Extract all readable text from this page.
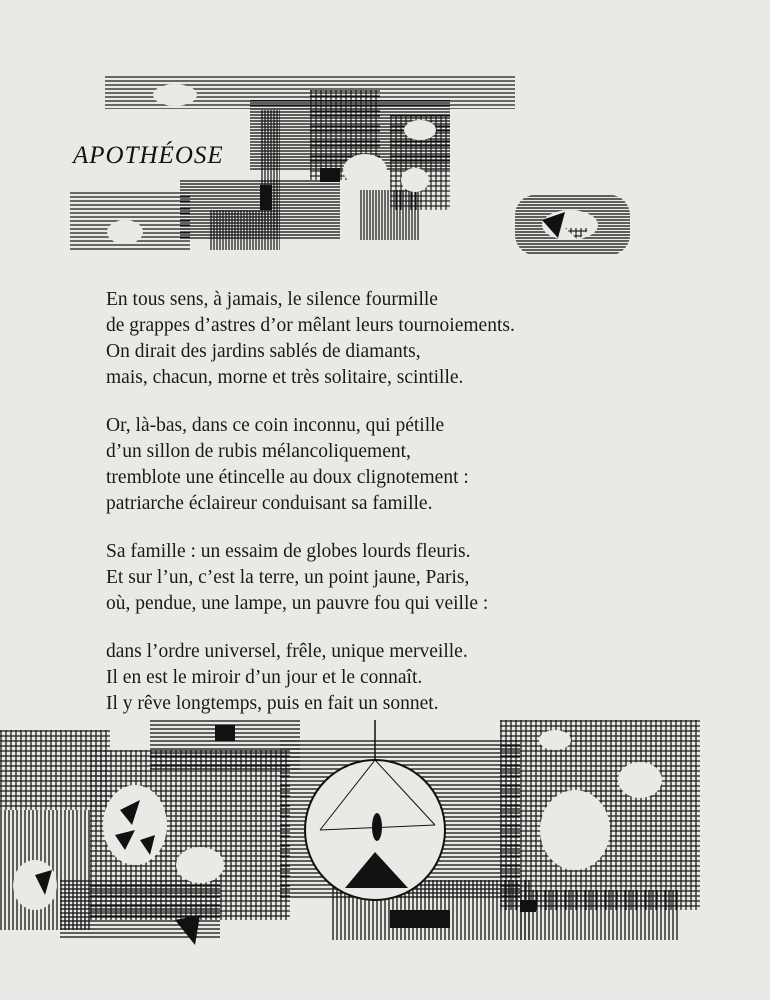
APOTHÉOSE
En tous sens, à jamais, le silence fourmille
de grappes d’astres d’or mêlant leurs tournoiements.
On dirait des jardins sablés de diamants,
mais, chacun, morne et très solitaire, scintille.
Or, là-bas, dans ce coin inconnu, qui pétille
d’un sillon de rubis mélancoliquement,
tremblote une étincelle au doux clignotement :
patriarche éclaireur conduisant sa famille.
Sa famille : un essaim de globes lourds fleuris.
Et sur l’un, c’est la terre, un point jaune, Paris,
où, pendue, une lampe, un pauvre fou qui veille :
dans l’ordre universel, frêle, unique merveille.
Il en est le miroir d’un jour et le connaît.
Il y rêve longtemps, puis en fait un sonnet.
